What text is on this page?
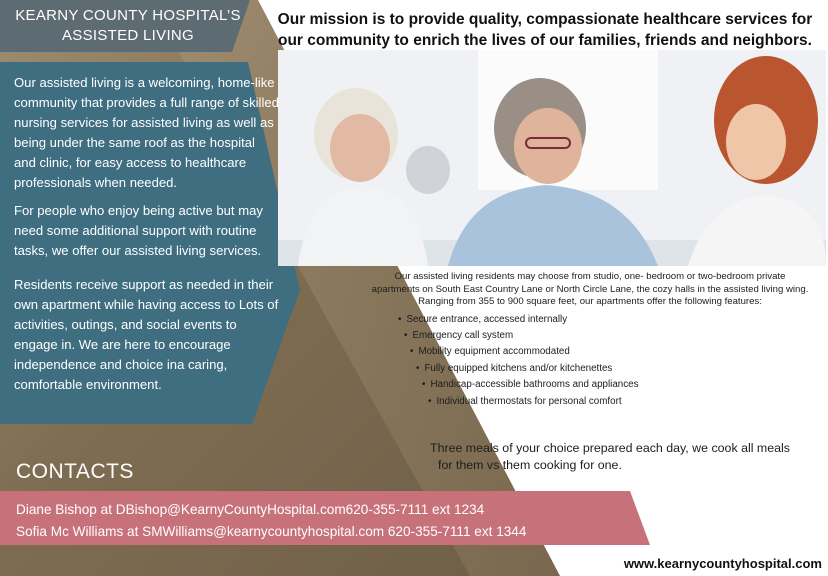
KEARNY COUNTY HOSPITAL’S
ASSISTED LIVING
Our mission is to provide quality, compassionate healthcare services for our community to enrich the lives of our families, friends and neighbors.

Our assisted living is a welcoming, home-like community that provides a full range of skilled nursing services for assisted living as well as being under the same roof as the hospital and clinic, for easy access to healthcare professionals when needed.

For people who enjoy being active but may need some additional support with routine tasks, we offer our assisted living services.

Residents receive support as needed in their own apartment while having access to Lots of activities, outings, and social events to engage in. We are here to encourage independence and choice ina caring, comfortable environment.

Our assisted living residents may choose from studio, one- bedroom or two-bedroom private apartments on South East Country Lane or North Circle Lane, the cozy halls in the assisted living wing. Ranging from 355 to 900 square feet, our apartments offer the following features:
• Secure entrance, accessed internally
• Emergency call system
• Mobility equipment accommodated
• Fully equipped kitchens and/or kitchenettes
• Handicap-accessible bathrooms and appliances
• Individual thermostats for personal comfort
Three meals of your choice prepared each day, we cook all meals
for them vs them cooking for one.
CONTACTS
Diane Bishop at DBishop@KearnyCountyHospital.com620-355-7111 ext 1234
Sofia Mc Williams at SMWilliams@kearnycountyhospital.com 620-355-7111 ext 1344
www.kearnycountyhospital.com
